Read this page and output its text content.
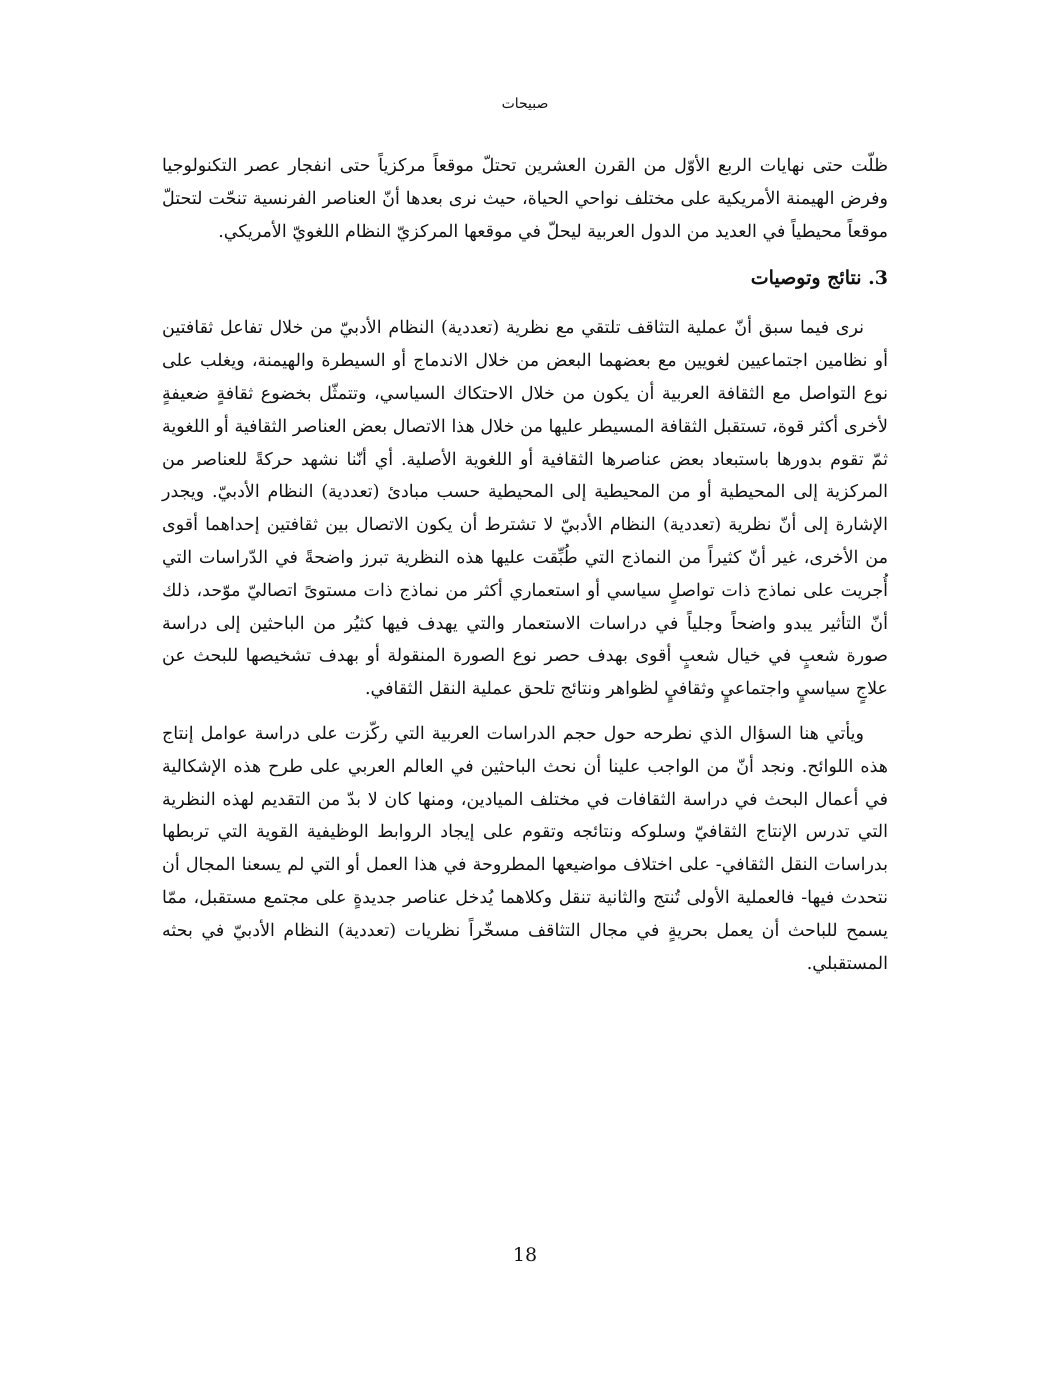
صبيحات

ظلّت حتى نهايات الربع الأوّل من القرن العشرين تحتلّ موقعاً مركزياً حتى انفجار عصر التكنولوجيا وفرض الهيمنة الأمريكية على مختلف نواحي الحياة، حيث نرى بعدها أنّ العناصر الفرنسية تنحّت لتحتلّ موقعاً محيطياً في العديد من الدول العربية ليحلّ في موقعها المركزيّ النظام اللغويّ الأمريكي.

3. نتائج وتوصيات

نرى فيما سبق أنّ عملية التثاقف تلتقي مع نظرية (تعددية) النظام الأدبيّ من خلال تفاعل ثقافتين أو نظامين اجتماعيين لغويين مع بعضهما البعض من خلال الاندماج أو السيطرة والهيمنة، ويغلب على نوع التواصل مع الثقافة العربية أن يكون من خلال الاحتكاك السياسي، وتتمثّل بخضوع ثقافةٍ ضعيفةٍ لأخرى أكثر قوة، تستقبل الثقافة المسيطر عليها من خلال هذا الاتصال بعض العناصر الثقافية أو اللغوية ثمّ تقوم بدورها باستبعاد بعض عناصرها الثقافية أو اللغوية الأصلية. أي أنّنا نشهد حركةً للعناصر من المركزية إلى المحيطية أو من المحيطية إلى المحيطية حسب مبادئ (تعددية) النظام الأدبيّ. ويجدر الإشارة إلى أنّ نظرية (تعددية) النظام الأدبيّ لا تشترط أن يكون الاتصال بين ثقافتين إحداهما أقوى من الأخرى، غير أنّ كثيراً من النماذج التي طُبِّقت عليها هذه النظرية تبرز واضحةً في الدّراسات التي أُجريت على نماذج ذات تواصلٍ سياسي أو استعماري أكثر من نماذج ذات مستوىً اتصاليّ موّحد، ذلك أنّ التأثير يبدو واضحاً وجلياً في دراسات الاستعمار والتي يهدف فيها كثيُر من الباحثين إلى دراسة صورة شعبٍ في خيال شعبٍ أقوى بهدف حصر نوع الصورة المنقولة أو بهدف تشخيصها للبحث عن علاجٍ سياسيٍ واجتماعيٍ وثقافيٍ لظواهر ونتائج تلحق عملية النقل الثقافي.

ويأتي هنا السؤال الذي نطرحه حول حجم الدراسات العربية التي ركّزت على دراسة عوامل إنتاج هذه اللوائح. ونجد أنّ من الواجب علينا أن نحث الباحثين في العالم العربي على طرح هذه الإشكالية في أعمال البحث في دراسة الثقافات في مختلف الميادين، ومنها كان لا بدّ من التقديم لهذه النظرية التي تدرس الإنتاج الثقافيّ وسلوكه ونتائجه وتقوم على إيجاد الروابط الوظيفية القوية التي تربطها بدراسات النقل الثقافي- على اختلاف مواضيعها المطروحة في هذا العمل أو التي لم يسعنا المجال أن نتحدث فيها- فالعملية الأولى تُنتج والثانية تنقل وكلاهما يُدخل عناصر جديدةٍ على مجتمع مستقبل، ممّا يسمح للباحث أن يعمل بحريةٍ في مجال التثاقف مسخّراً نظريات (تعددية) النظام الأدبيّ في بحثه المستقبلي.

18
